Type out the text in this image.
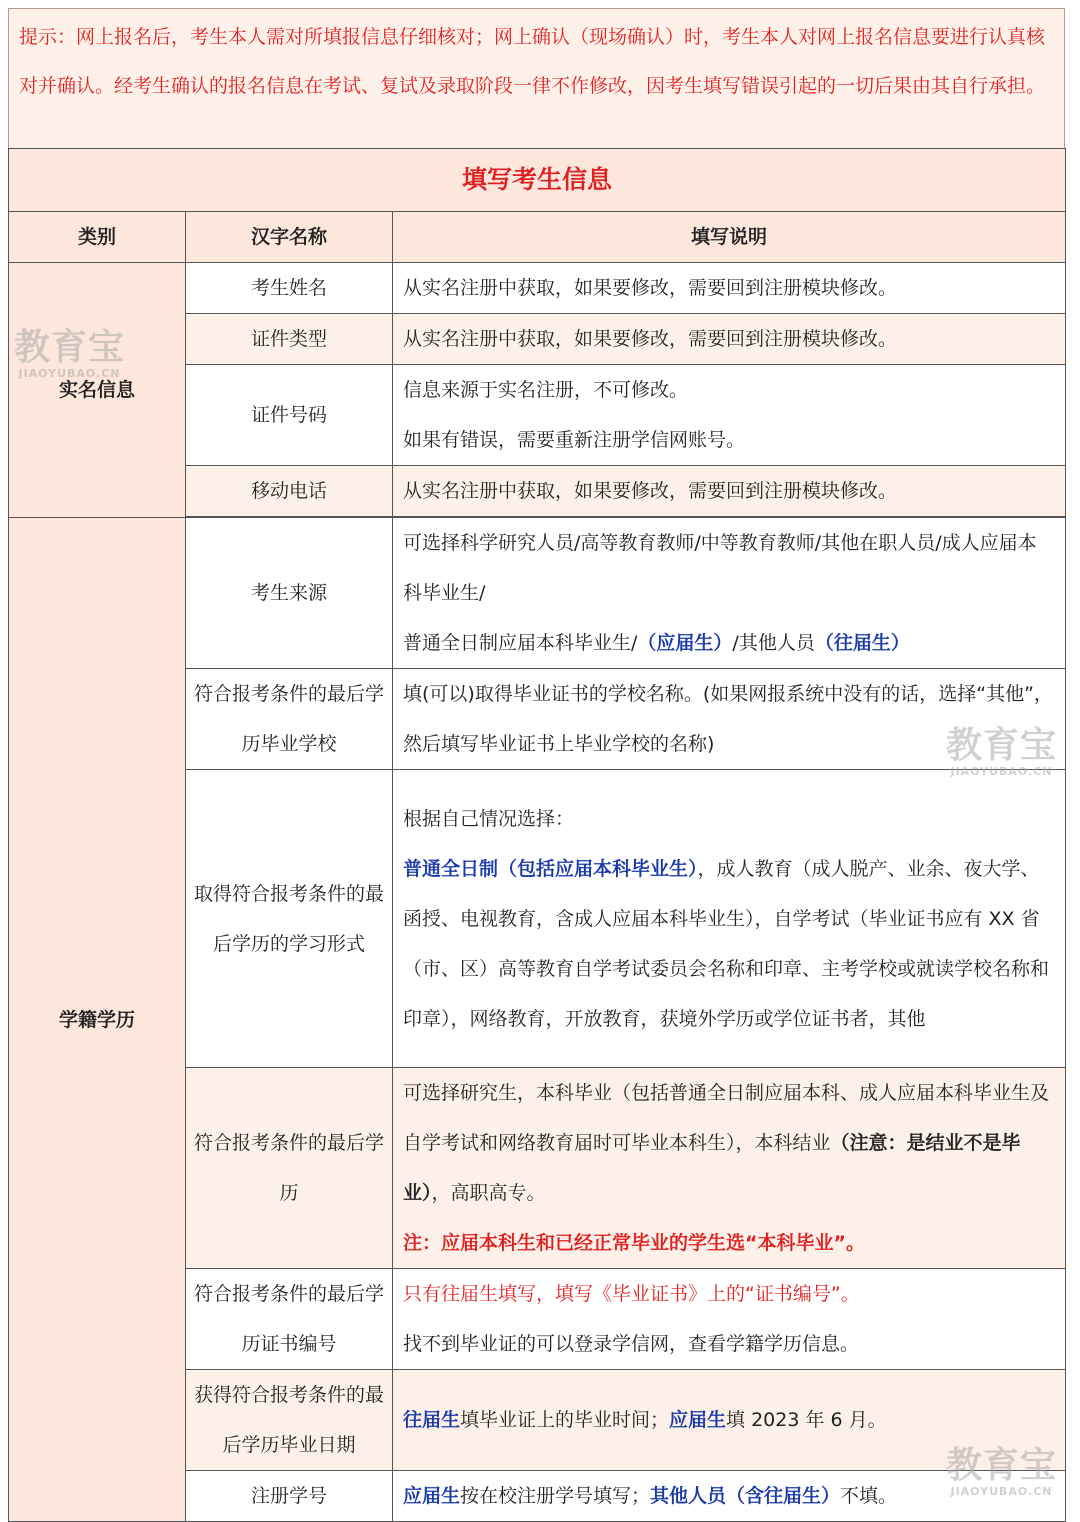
提示：网上报名后，考生本人需对所填报信息仔细核对；网上确认（现场确认）时，考生本人对网上报名信息要进行认真核对并确认。经考生确认的报名信息在考试、复试及录取阶段一律不作修改，因考生填写错误引起的一切后果由其自行承担。
填写考生信息		
类别	汉字名称	填写说明
实名信息	考生姓名	从实名注册中获取，如果要修改，需要回到注册模块修改。
	证件类型	从实名注册中获取，如果要修改，需要回到注册模块修改。
	证件号码	信息来源于实名注册，不可修改。
如果有错误，需要重新注册学信网账号。

	移动电话	从实名注册中获取，如果要修改，需要回到注册模块修改。

学籍学历	考生来源	可选择科学研究人员/高等教育教师/中等教育教师/其他在职人员/成人应届本科毕业生/
普通全日制应届本科毕业生/（应届生）/其他人员（往届生）
	符合报考条件的最后学历毕业学校	填(可以)取得毕业证书的学校名称。(如果网报系统中没有的话，选择“其他”，然后填写毕业证书上毕业学校的名称)
	取得符合报考条件的最后学历的学习形式	根据自己情况选择：
普通全日制（包括应届本科毕业生），成人教育（成人脱产、业余、夜大学、函授、电视教育，含成人应届本科毕业生），自学考试（毕业证书应有 XX 省（市、区）高等教育自学考试委员会名称和印章、主考学校或就读学校名称和印章），网络教育，开放教育，获境外学历或学位证书者，其他
	符合报考条件的最后学历	可选择研究生，本科毕业（包括普通全日制应届本科、成人应届本科毕业生及自学考试和网络教育届时可毕业本科生），本科结业（注意：是结业不是毕业），高职高专。
注：应届本科生和已经正常毕业的学生选“本科毕业”。

	符合报考条件的最后学历证书编号	只有往届生填写，填写《毕业证书》上的“证书编号”。
找不到毕业证的可以登录学信网，查看学籍学历信息。

	获得符合报考条件的最后学历毕业日期	往届生填毕业证上的毕业时间；应届生填 2023 年 6 月。
	注册学号	应届生按在校注册学号填写；其他人员（含往届生）不填。
教育宝
JIAOYUBAO.CN
教育宝
JIAOYUBAO.CN
教育宝
JIAOYUBAO.CN
